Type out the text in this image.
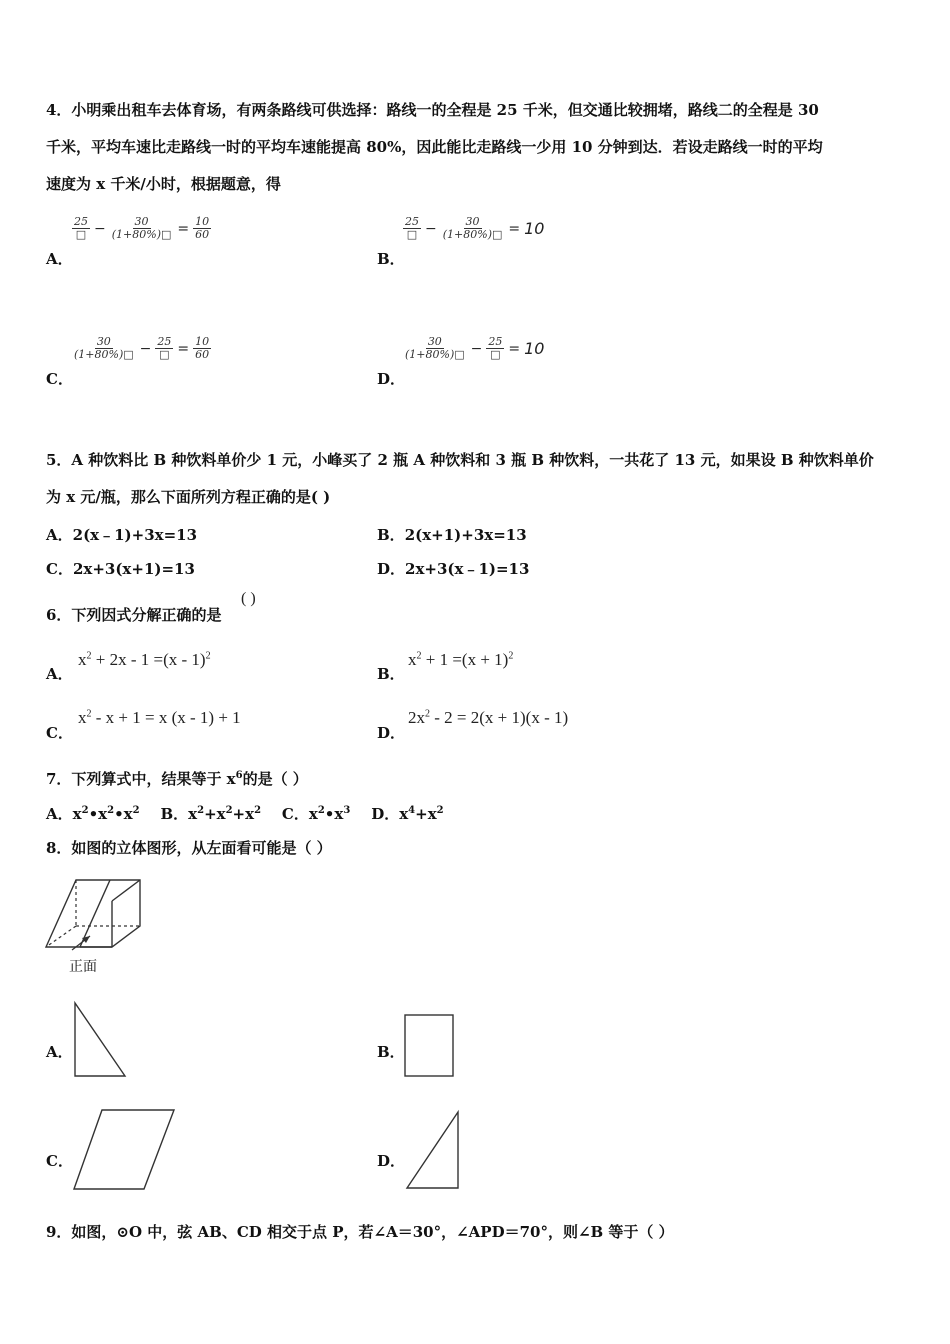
4．小明乘出租车去体育场，有两条路线可供选择：路线一的全程是 25 千米，但交通比较拥堵，路线二的全程是 30
千米，平均车速比走路线一时的平均车速能提高 80%，因此能比走路线一少用 10 分钟到达．若设走路线一时的平均
速度为 x 千米/小时，根据题意，得
$\frac{25}{□} - \frac{30}{(1+80\%)□} = \frac{10}{60}$
A．
$\frac{25}{□} - \frac{30}{(1+80\%)□} = 10$
B．
$\frac{30}{(1+80\%)□} - \frac{25}{□} = \frac{10}{60}$
C．
$\frac{30}{(1+80\%)□} - \frac{25}{□} = 10$
D．
5．A 种饮料比 B 种饮料单价少 1 元，小峰买了 2 瓶 A 种饮料和 3 瓶 B 种饮料，一共花了 13 元，如果设 B 种饮料单价
为 x 元/瓶，那么下面所列方程正确的是( )
A．2(x﹣1)+3x=13	B．2(x+1)+3x=13
C．2x+3(x+1)=13	D．2x+3(x﹣1)=13
6．下列因式分解正确的是
( )
A．
$x^2 + 2x - 1 =(x - 1)^2$
B．
$x^2 + 1 =(x + 1)^2$
C．
$x^2 - x + 1 = x$ (x - 1) + 1
D．
$2x^2 - 2 = 2(x + 1)(x - 1)$
7．下列算式中，结果等于 $x^6$的是（ ）
A．$x^2•x^2•x^2$ B．$x^2+x^2+x^2$ C．$x^2•x^3$ D．$x^4+x^2$
8．如图的立体图形，从左面看可能是（ ）
正面
A．	B．
C．	D．
9．如图，⊙O 中，弦 AB、CD 相交于点 P，若∠A＝30°，∠APD＝70°，则∠B 等于（ ）
